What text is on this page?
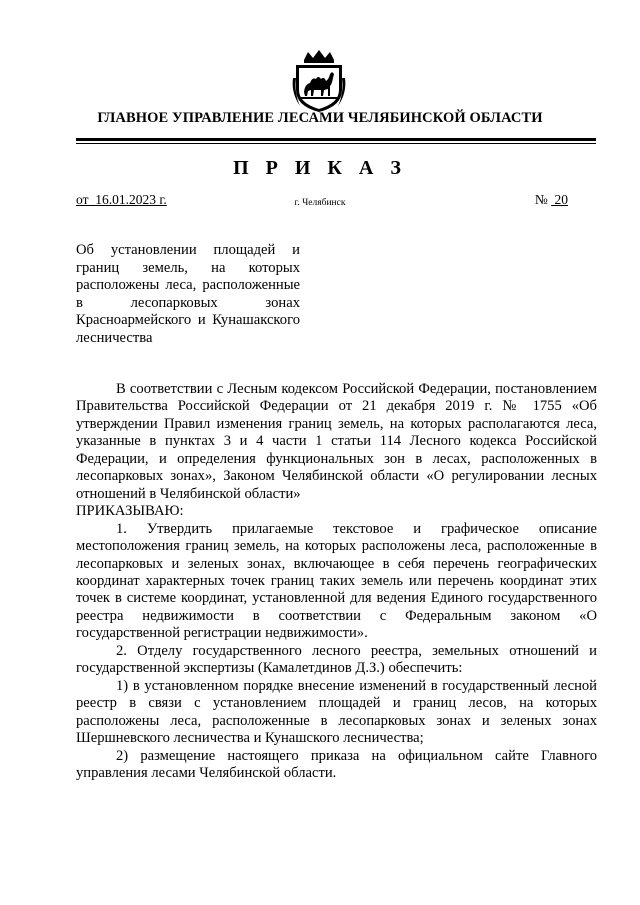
ГЛАВНОЕ УПРАВЛЕНИЕ ЛЕСАМИ ЧЕЛЯБИНСКОЙ ОБЛАСТИ
П Р И К А З
от 16.01.2023 г.	г. Челябинск	№ 20
Об установлении площадей и границ земель, на которых расположены леса, расположенные в лесопарковых зонах Красноармейского и Кунашакского лесничества

В соответствии с Лесным кодексом Российской Федерации, постановлением Правительства Российской Федерации от 21 декабря 2019 г. № 1755 «Об утверждении Правил изменения границ земель, на которых располагаются леса, указанные в пунктах 3 и 4 части 1 статьи 114 Лесного кодекса Российской Федерации, и определения функциональных зон в лесах, расположенных в лесопарковых зонах», Законом Челябинской области «О регулировании лесных отношений в Челябинской области»

ПРИКАЗЫВАЮ:

1. Утвердить прилагаемые текстовое и графическое описание местоположения границ земель, на которых расположены леса, расположенные в лесопарковых и зеленых зонах, включающее в себя перечень географических координат характерных точек границ таких земель или перечень координат этих точек в системе координат, установленной для ведения Единого государственного реестра недвижимости в соответствии с Федеральным законом «О государственной регистрации недвижимости».

2. Отделу государственного лесного реестра, земельных отношений и государственной экспертизы (Камалетдинов Д.З.) обеспечить:

1) в установленном порядке внесение изменений в государственный лесной реестр в связи с установлением площадей и границ лесов, на которых расположены леса, расположенные в лесопарковых зонах и зеленых зонах Шершневского лесничества и Кунашского лесничества;

2) размещение настоящего приказа на официальном сайте Главного управления лесами Челябинской области.
